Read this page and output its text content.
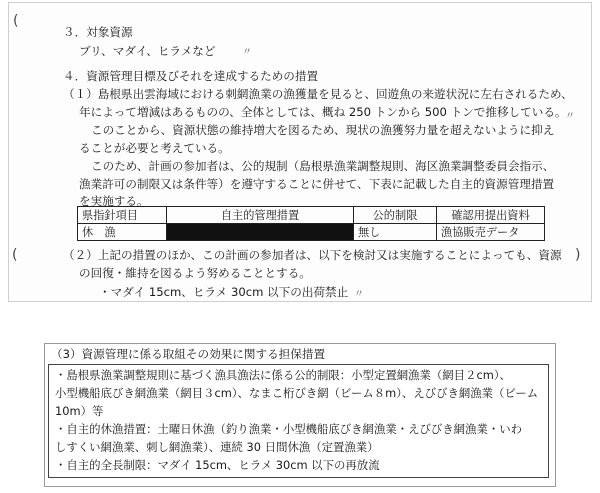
(
(	)
〃
〃
〃
３．対象資源
ブリ、マダイ、ヒラメなど
４．資源管理目標及びそれを達成するための措置
（１）島根県出雲海域における刺網漁業の漁獲量を見ると、回遊魚の来遊状況に左右されるため、
年によって増減はあるものの、全体としては、概ね 250 トンから 500 トンで推移している。
このことから、資源状態の維持増大を図るため、現状の漁獲努力量を超えないように抑え
ることが必要と考えている。
このため、計画の参加者は、公的規制（島根県漁業調整規則、海区漁業調整委員会指示、
漁業許可の制限又は条件等）を遵守することに併せて、下表に記載した自主的資源管理措置
を実施する。
県指針項目	自主的管理措置	公的制限	確認用提出資料
休　漁		無し	漁協販売データ
（２）上記の措置のほか、この計画の参加者は、以下を検討又は実施することによっても、資源
の回復・維持を図るよう努めることとする。
・マダイ 15cm、ヒラメ 30cm 以下の出荷禁止
（3）資源管理に係る取組その効果に関する担保措置
・島根県漁業調整規則に基づく漁具漁法に係る公的制限：小型定置網漁業（網目２cm）、
小型機船底びき網漁業（網目３cm）、なまこ桁びき網（ビーム８m）、えびびき網漁業（ビーム
10m）等
・自主的休漁措置：土曜日休漁（釣り漁業・小型機船底びき網漁業・えびびき網漁業・いわ
しすくい網漁業、刺し網漁業）、連続 30 日間休漁（定置漁業）
・自主的全長制限：マダイ 15cm、ヒラメ 30cm 以下の再放流
